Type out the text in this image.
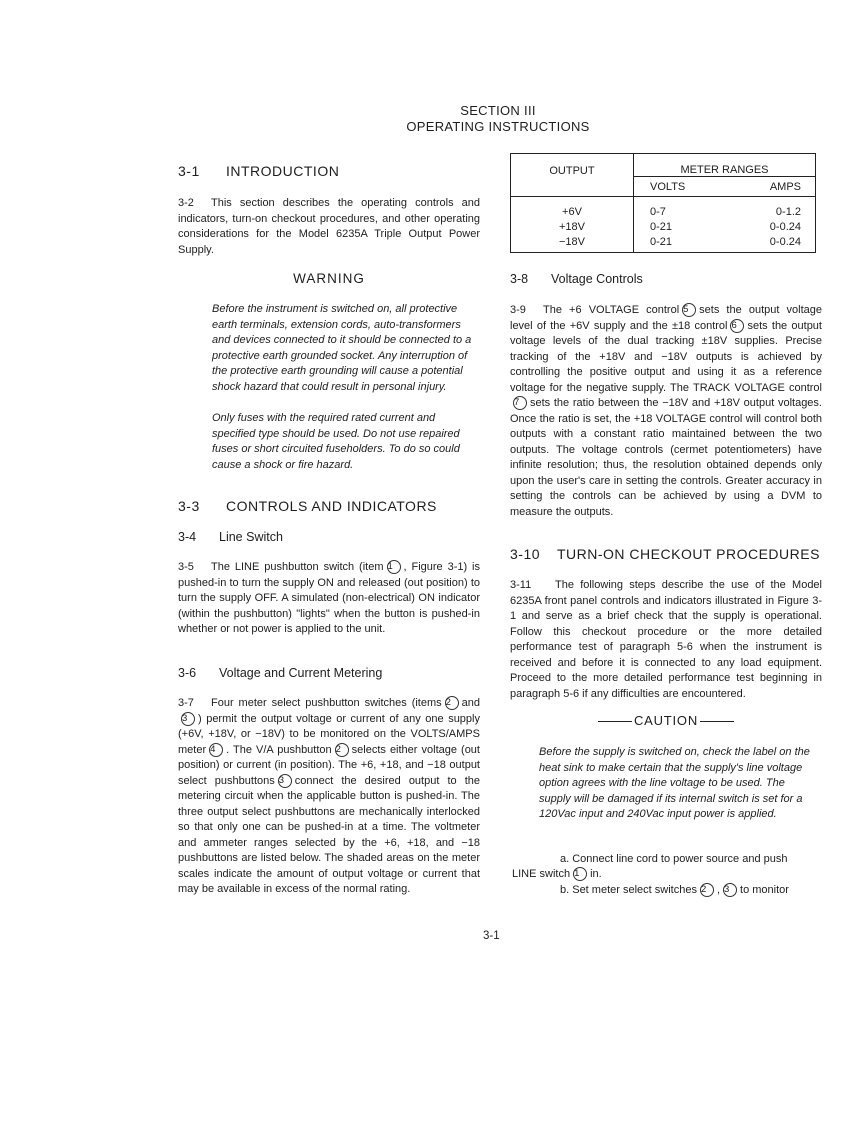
SECTION III
OPERATING INSTRUCTIONS
3-1 INTRODUCTION
3-2 This section describes the operating controls and indicators, turn-on checkout procedures, and other operating considerations for the Model 6235A Triple Output Power Supply.
WARNING
Before the instrument is switched on, all protective earth terminals, extension cords, auto-transformers and devices connected to it should be connected to a protective earth grounded socket. Any interruption of the protective earth grounding will cause a potential shock hazard that could result in personal injury.
Only fuses with the required rated current and specified type should be used. Do not use repaired fuses or short circuited fuseholders. To do so could cause a shock or fire hazard.
3-3 CONTROLS AND INDICATORS
3-4 Line Switch
3-5 The LINE pushbutton switch (item 1 , Figure 3-1) is pushed-in to turn the supply ON and released (out position) to turn the supply OFF. A simulated (non-electrical) ON indicator (within the pushbutton) "lights" when the button is pushed-in whether or not power is applied to the unit.
3-6 Voltage and Current Metering
3-7 Four meter select pushbutton switches (items 2 and3 ) permit the output voltage or current of any one supply (+6V, +18V, or −18V) to be monitored on the VOLTS/AMPS meter 4 . The V/A pushbutton 2 selects either voltage (out position) or current (in position). The +6, +18, and −18 output select pushbuttons 3 connect the desired output to the metering circuit when the applicable button is pushed-in. The three output select pushbuttons are mechanically interlocked so that only one can be pushed-in at a time. The voltmeter and ammeter ranges selected by the +6, +18, and −18 pushbuttons are listed below. The shaded areas on the meter scales indicate the amount of output voltage or current that may be available in excess of the normal rating.
OUTPUT	METER RANGES	
	VOLTS	AMPS
+6V	0-7	0-1.2
+18V	0-21	0-0.24
−18V	0-21	0-0.24
3-8 Voltage Controls
3-9 The +6 VOLTAGE control 5 sets the output voltage level of the +6V supply and the ±18 control 6 sets the output voltage levels of the dual tracking ±18V supplies. Precise tracking of the +18V and −18V outputs is achieved by controlling the positive output and using it as a reference voltage for the negative supply. The TRACK VOLTAGE control7 sets the ratio between the −18V and +18V output voltages. Once the ratio is set, the +18 VOLTAGE control will control both outputs with a constant ratio maintained between the two outputs. The voltage controls (cermet potentiometers) have infinite resolution; thus, the resolution obtained depends only upon the user's care in setting the controls. Greater accuracy in setting the controls can be achieved by using a DVM to measure the outputs.
3-10 TURN-ON CHECKOUT PROCEDURES
3-11 The following steps describe the use of the Model 6235A front panel controls and indicators illustrated in Figure 3-1 and serve as a brief check that the supply is operational. Follow this checkout procedure or the more detailed performance test of paragraph 5-6 when the instrument is received and before it is connected to any load equipment. Proceed to the more detailed performance test beginning in paragraph 5-6 if any difficulties are encountered.
CAUTION
Before the supply is switched on, check the label on the heat sink to make certain that the supply's line voltage option agrees with the line voltage to be used. The supply will be damaged if its internal switch is set for a 120Vac input and 240Vac input power is applied.
a. Connect line cord to power source and push
LINE switch 1 in.
b. Set meter select switches 2 , 3 to monitor
3-1
